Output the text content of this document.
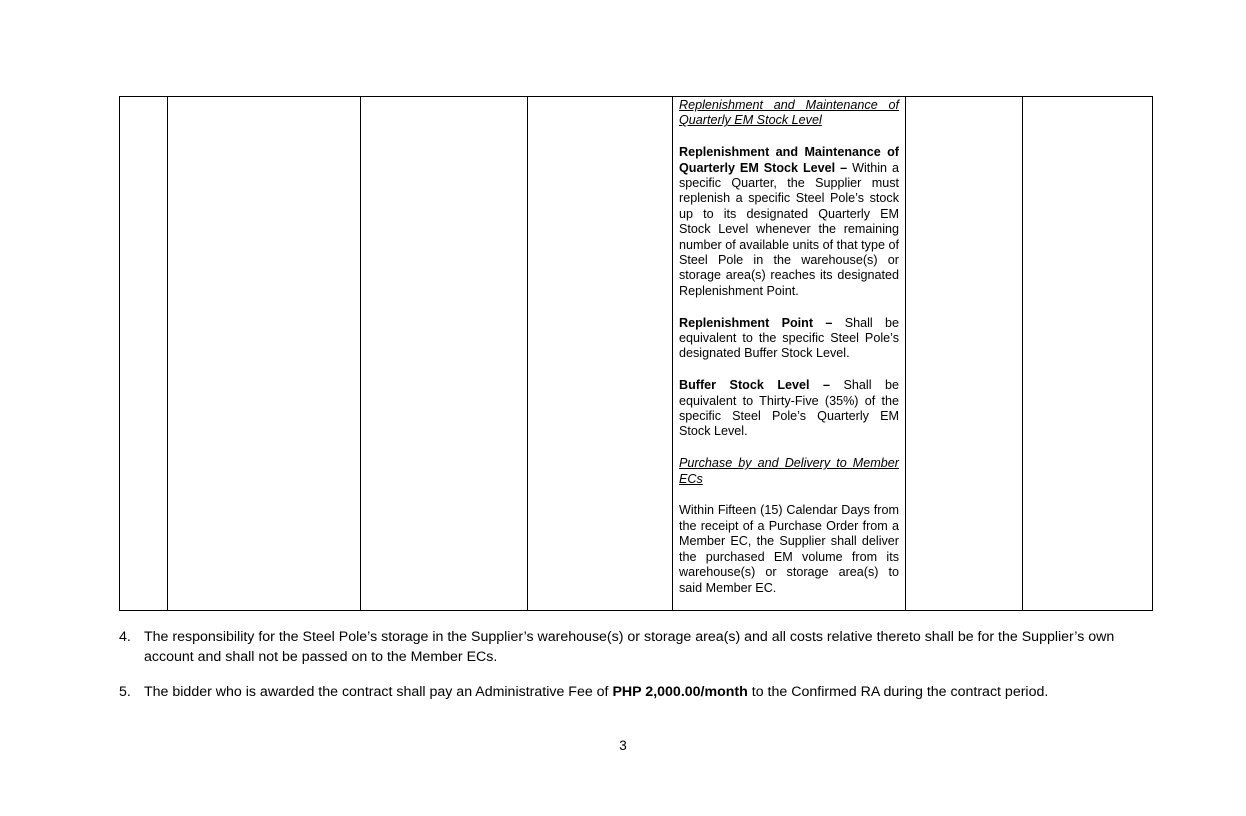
Replenishment and Maintenance of Quarterly EM Stock Level

Replenishment and Maintenance of Quarterly EM Stock Level – Within a specific Quarter, the Supplier must replenish a specific Steel Pole’s stock up to its designated Quarterly EM Stock Level whenever the remaining number of available units of that type of Steel Pole in the warehouse(s) or storage area(s) reaches its designated Replenishment Point.

Replenishment Point – Shall be equivalent to the specific Steel Pole’s designated Buffer Stock Level.

Buffer Stock Level – Shall be equivalent to Thirty-Five (35%) of the specific Steel Pole’s Quarterly EM Stock Level.

Purchase by and Delivery to Member ECs

Within Fifteen (15) Calendar Days from the receipt of a Purchase Order from a Member EC, the Supplier shall deliver the purchased EM volume from its warehouse(s) or storage area(s) to said Member EC.

4. The responsibility for the Steel Pole’s storage in the Supplier’s warehouse(s) or storage area(s) and all costs relative thereto shall be for the Supplier’s own account and shall not be passed on to the Member ECs.

5. The bidder who is awarded the contract shall pay an Administrative Fee of PHP 2,000.00/month to the Confirmed RA during the contract period.

3
